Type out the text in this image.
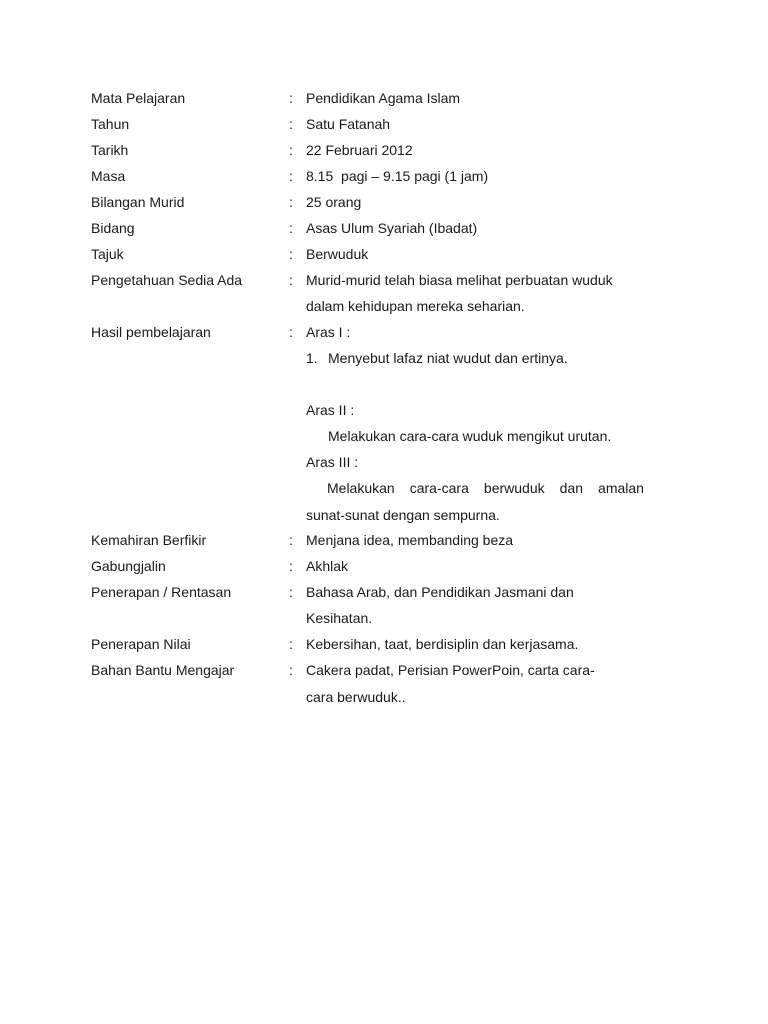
Mata Pelajaran	: Pendidikan Agama Islam
Tahun	: Satu Fatanah
Tarikh	: 22 Februari 2012
Masa	: 8.15  pagi – 9.15 pagi (1 jam)
Bilangan Murid	: 25 orang
Bidang	: Asas Ulum Syariah (Ibadat)
Tajuk	: Berwuduk
Pengetahuan Sedia Ada	: Murid-murid telah biasa melihat perbuatan wuduk
dalam kehidupan mereka seharian.
Hasil pembelajaran	: Aras I :
1. Menyebut lafaz niat wudut dan ertinya.
Aras II :
Melakukan cara-cara wuduk mengikut urutan.
Aras III :
Melakukan cara-cara berwuduk dan amalan
sunat-sunat dengan sempurna.
Kemahiran Berfikir	: Menjana idea, membanding beza
Gabungjalin	: Akhlak
Penerapan / Rentasan	: Bahasa Arab, dan Pendidikan Jasmani dan
Kesihatan.
Penerapan Nilai	: Kebersihan, taat, berdisiplin dan kerjasama.
Bahan Bantu Mengajar	: Cakera padat, Perisian PowerPoin, carta cara-
cara berwuduk..
